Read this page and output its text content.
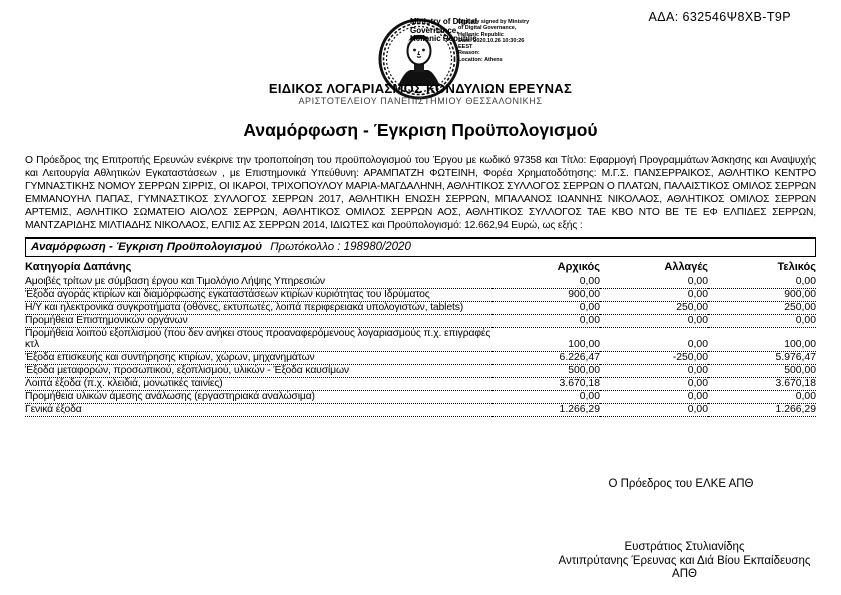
ΑΔΑ: 632546Ψ8ΧΒ-Τ9Ρ
Ministry of Digital
Governance,
Hellenic Republic
Digitally signed by Ministry
of Digital Governance,
Hellenic Republic
Date: 2020.10.26 10:30:26
EEST
Reason:
Location: Athens
ΕΙΔΙΚΟΣ ΛΟΓΑΡΙΑΣΜΟΣ ΚΟΝΔΥΛΙΩΝ ΕΡΕΥΝΑΣ
ΑΡΙΣΤΟΤΕΛΕΙΟΥ ΠΑΝΕΠΙΣΤΗΜΙΟΥ ΘΕΣΣΑΛΟΝΙΚΗΣ
Αναμόρφωση - Έγκριση Προϋπολογισμού
Ο Πρόεδρος της Επιτροπής Ερευνών ενέκρινε την τροποποίηση του προϋπολογισμού του Έργου με κωδικό 97358 και Τίτλο: Εφαρμογή Προγραμμάτων Άσκησης και Αναψυχής και Λειτουργία Αθλητικών Εγκαταστάσεων , με Επιστημονικά Υπεύθυνη: ΑΡΑΜΠΑΤΖΗ ΦΩΤΕΙΝΗ, Φορέα Χρηματοδότησης: Μ.Γ.Σ. ΠΑΝΣΕΡΡΑΙΚΟΣ, ΑΘΛΗΤΙΚΟ ΚΕΝΤΡΟ ΓΥΜΝΑΣΤΙΚΗΣ ΝΟΜΟΥ ΣΕΡΡΩΝ ΣΙΡΡΙΣ, ΟΙ ΙΚΑΡΟΙ, ΤΡΙΧΟΠΟΥΛΟΥ ΜΑΡΙΑ-ΜΑΓΔΑΛΗΝΗ, ΑΘΛΗΤΙΚΟΣ ΣΥΛΛΟΓΟΣ ΣΕΡΡΩΝ Ο ΠΛΑΤΩΝ, ΠΑΛΑΙΣΤΙΚΟΣ ΟΜΙΛΟΣ ΣΕΡΡΩΝ ΕΜΜΑΝΟΥΗΛ ΠΑΠΑΣ, ΓΥΜΝΑΣΤΙΚΟΣ ΣΥΛΛΟΓΟΣ ΣΕΡΡΩΝ 2017, ΑΘΛΗΤΙΚΗ ΕΝΩΣΗ ΣΕΡΡΩΝ, ΜΠΑΛΑΝΟΣ ΙΩΑΝΝΗΣ ΝΙΚΟΛΑΟΣ, ΑΘΛΗΤΙΚΟΣ ΟΜΙΛΟΣ ΣΕΡΡΩΝ ΑΡΤΕΜΙΣ, ΑΘΛΗΤΙΚΟ ΣΩΜΑΤΕΙΟ ΑΙΟΛΟΣ ΣΕΡΡΩΝ, ΑΘΛΗΤΙΚΟΣ ΟΜΙΛΟΣ ΣΕΡΡΩΝ ΑΟΣ, ΑΘΛΗΤΙΚΟΣ ΣΥΛΛΟΓΟΣ ΤΑΕ ΚΒΟ ΝΤΟ ΒΕ ΤΕ ΕΦ ΕΛΠΙΔΕΣ ΣΕΡΡΩΝ, ΜΑΝΤΖΑΡΙΔΗΣ ΜΙΛΤΙΑΔΗΣ ΝΙΚΟΛΑΟΣ, ΕΛΠΙΣ ΑΣ ΣΕΡΡΩΝ 2014, ΙΔΙΩΤΕΣ και Προϋπολογισμό: 12.662,94 Ευρώ, ως εξής :
Αναμόρφωση - Έγκριση Προϋπολογισμού Πρωτόκολλο : 198980/2020
Κατηγορία Δαπάνης	Αρχικός	Αλλαγές	Τελικός
Αμοιβές τρίτων με σύμβαση έργου και Τιμολόγιο Λήψης Υπηρεσιών	0,00	0,00	0,00
Έξοδα αγοράς κτιρίων και διαμόρφωσης εγκαταστάσεων κτιρίων κυριότητας του Ιδρύματος	900,00	0,00	900,00
Η/Υ και ηλεκτρονικά συγκροτήματα (οθόνες, εκτυπωτές, λοιπά περιφερειακά υπολογιστών, tablets)	0,00	250,00	250,00
Προμήθεια Επιστημονικών οργάνων	0,00	0,00	0,00
Προμήθεια λοιπού εξοπλισμού (που δεν ανήκει στους προαναφερόμενους λογαριασμούς π.χ. επιγραφές κτλ	100,00	0,00	100,00
Έξοδα επισκευής και συντήρησης κτιρίων, χώρων, μηχανημάτων	6.226,47	-250,00	5.976,47
Έξοδα μεταφορών, προσωπικού, εξοπλισμού, υλικών - Έξοδα καυσίμων	500,00	0,00	500,00
Λοιπά έξοδα (π.χ. κλειδιά, μονωτικές ταινίες)	3.670,18	0,00	3.670,18
Προμήθεια υλικών άμεσης ανάλωσης (εργαστηριακά αναλώσιμα)	0,00	0,00	0,00
Γενικά έξοδα	1.266,29	0,00	1.266,29
Ο Πρόεδρος του ΕΛΚΕ ΑΠΘ
Ευστράτιος Στυλιανίδης
Αντιπρύτανης Έρευνας και Διά Βίου Εκπαίδευσης
ΑΠΘ
